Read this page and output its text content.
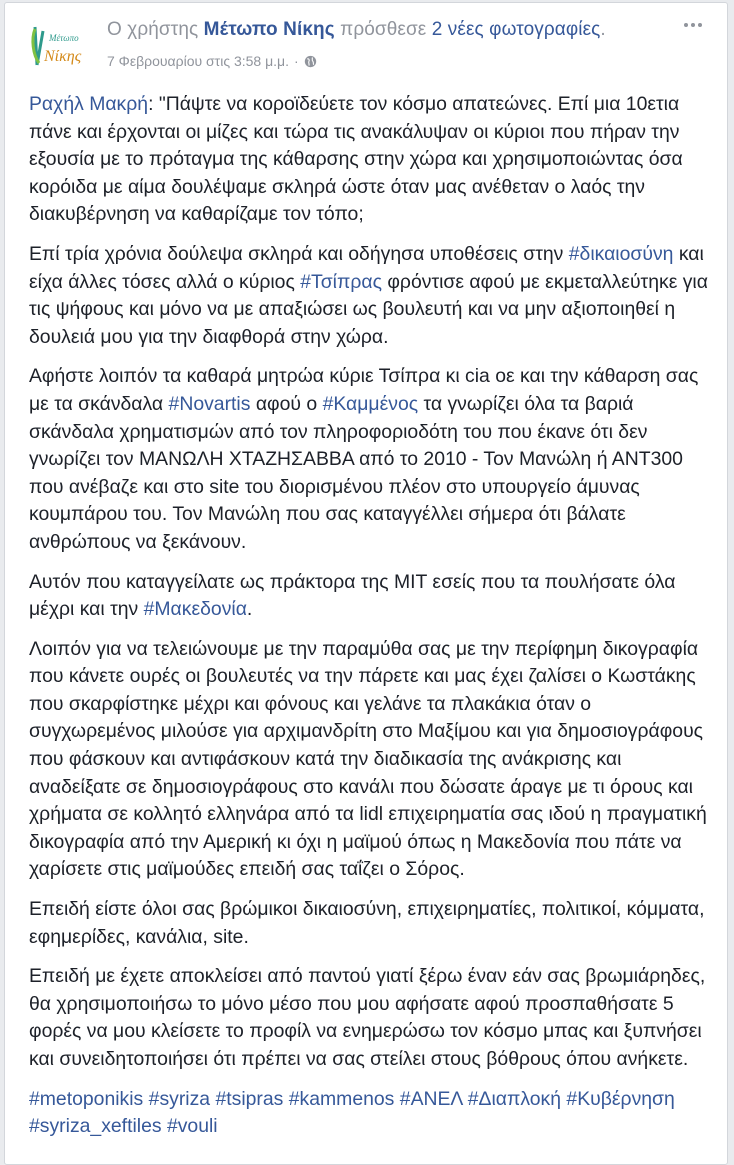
Μέτωπο
Νίκης
Ο χρήστης Μέτωπο Νίκης πρόσθεσε 2 νέες φωτογραφίες.
7 Φεβρουαρίου στις 3:58 μ.μ. ·

Ραχήλ Μακρή: "Πάψτε να κοροϊδεύετε τον κόσμο απατεώνες. Επί μια 10ετια πάνε και έρχονται οι μίζες και τώρα τις ανακάλυψαν οι κύριοι που πήραν την εξουσία με το πρόταγμα της κάθαρσης στην χώρα και χρησιμοποιώντας όσα κορόιδα με αίμα δουλέψαμε σκληρά ώστε όταν μας ανέθεταν ο λαός την διακυβέρνηση να καθαρίζαμε τον τόπο;

Επί τρία χρόνια δούλεψα σκληρά και οδήγησα υποθέσεις στην #δικαιοσύνη και είχα άλλες τόσες αλλά ο κύριος #Τσίπρας φρόντισε αφού με εκμεταλλεύτηκε για τις ψήφους και μόνο να με απαξιώσει ως βουλευτή και να μην αξιοποιηθεί η δουλειά μου για την διαφθορά στην χώρα.

Αφήστε λοιπόν τα καθαρά μητρώα κύριε Τσίπρα κι cia οε και την κάθαρση σας με τα σκάνδαλα #Novartis αφού ο #Καμμένος τα γνωρίζει όλα τα βαριά σκάνδαλα χρηματισμών από τον πληροφοριοδότη του που έκανε ότι δεν γνωρίζει τον ΜΑΝΩΛΗ ΧΤΑΖΗΣΑΒΒΑ από το 2010 - Τον Μανώλη ή ΑΝΤ300 που ανέβαζε και στο site του διορισμένου πλέον στο υπουργείο άμυνας κουμπάρου του. Τον Μανώλη που σας καταγγέλλει σήμερα ότι βάλατε ανθρώπους να ξεκάνουν.

Αυτόν που καταγγείλατε ως πράκτορα της ΜΙΤ εσείς που τα πουλήσατε όλα μέχρι και την #Μακεδονία.

Λοιπόν για να τελειώνουμε με την παραμύθα σας με την περίφημη δικογραφία που κάνετε ουρές οι βουλευτές να την πάρετε και μας έχει ζαλίσει ο Κωστάκης που σκαρφίστηκε μέχρι και φόνους και γελάνε τα πλακάκια όταν ο συγχωρεμένος μιλούσε για αρχιμανδρίτη στο Μαξίμου και για δημοσιογράφους που φάσκουν και αντιφάσκουν κατά την διαδικασία της ανάκρισης και αναδείξατε σε δημοσιογράφους στο κανάλι που δώσατε άραγε με τι όρους και χρήματα σε κολλητό ελληνάρα από τα lidl επιχειρηματία σας ιδού η πραγματική δικογραφία από την Αμερική κι όχι η μαϊμού όπως η Μακεδονία που πάτε να χαρίσετε στις μαϊμούδες επειδή σας ταΐζει ο Σόρος.

Επειδή είστε όλοι σας βρώμικοι δικαιοσύνη, επιχειρηματίες, πολιτικοί, κόμματα, εφημερίδες, κανάλια, site.

Επειδή με έχετε αποκλείσει από παντού γιατί ξέρω έναν εάν σας βρωμιάρηδες, θα χρησιμοποιήσω το μόνο μέσο που μου αφήσατε αφού προσπαθήσατε 5 φορές να μου κλείσετε το προφίλ να ενημερώσω τον κόσμο μπας και ξυπνήσει και συνειδητοποιήσει ότι πρέπει να σας στείλει στους βόθρους όπου ανήκετε.

#metoponikis #syriza #tsipras #kammenos #ΑΝΕΛ #Διαπλοκή #Κυβέρνηση #syriza_xeftiles #vouli
